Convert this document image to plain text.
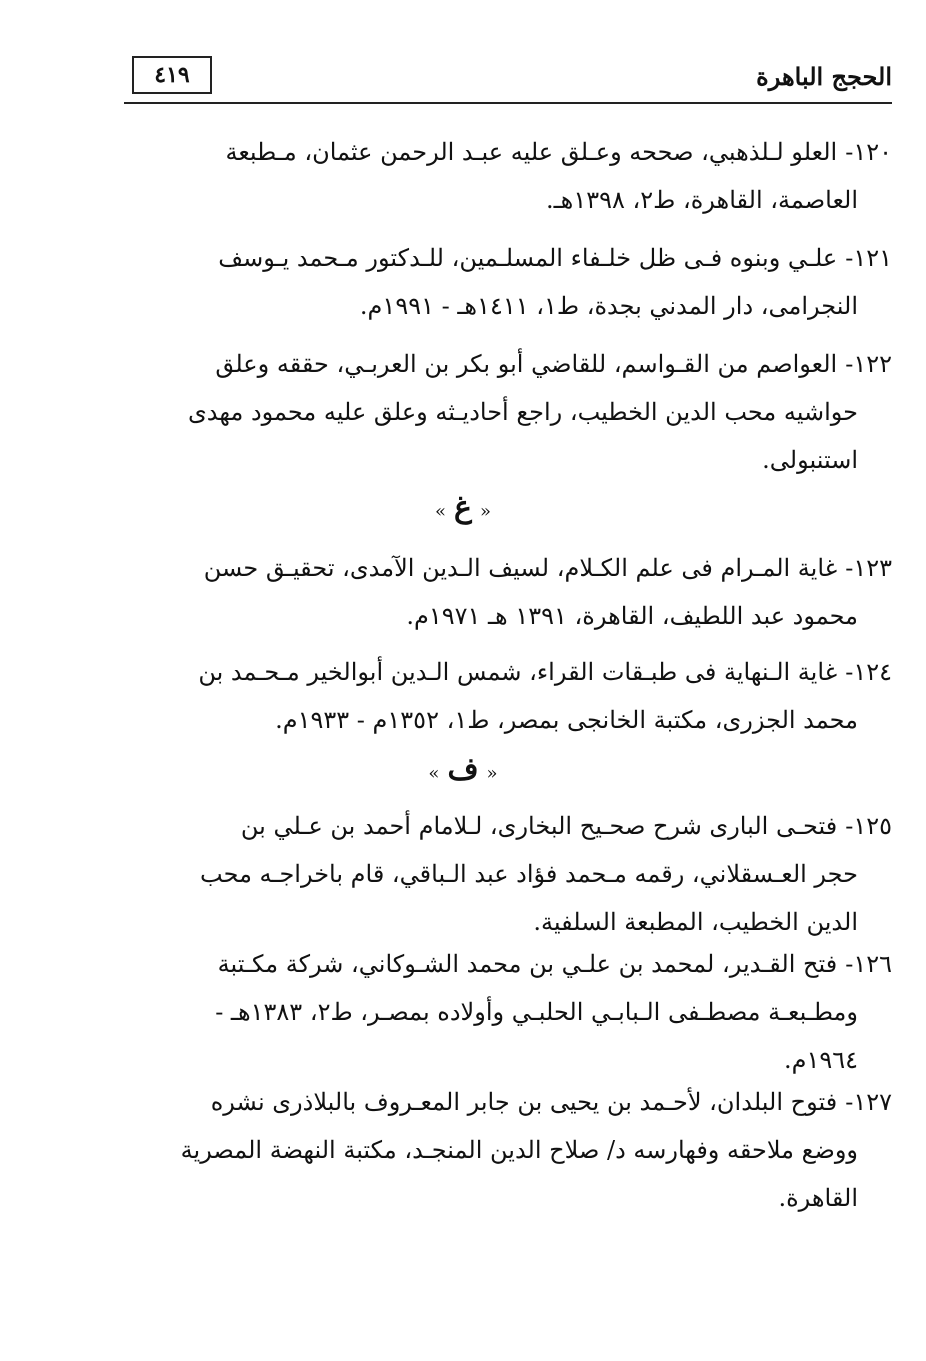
٤١٩	الحجج الباهرة
١٢٠-العلو لـلذهبي، صححه وعـلق عليه عبـد الرحمن عثمان، مـطبعة
العاصمة، القاهرة، ط٢، ١٣٩٨هـ.
١٢١-علـي وبنوه فـى ظل خلـفاء المسلـمين، للـدكتور مـحمد يـوسف
النجرامى، دار المدني بجدة، ط١، ١٤١١هـ - ١٩٩١م.
١٢٢-العواصم من القـواسم، للقاضي أبو بكر بن العربـي، حققه وعلق
حواشيه محب الدين الخطيب، راجع أحاديـثه وعلق عليه محمود مهدى
استنبولى.
«غ»
١٢٣-غاية المـرام فى علم الكـلام، لسيف الـدين الآمدى، تحقيـق حسن
محمود عبد اللطيف، القاهرة، ١٣٩١ هـ ١٩٧١م.
١٢٤-غاية الـنهاية فى طبـقات القراء، شمس الـدين أبوالخير مـحـمد بن
محمد الجزرى، مكتبة الخانجى بمصر، ط١، ١٣٥٢م - ١٩٣٣م.
«ف»
١٢٥-فتحـى البارى شرح صحـيح البخارى، لـلامام أحمد بن عـلي بن
حجر العـسقلاني، رقمه مـحمد فؤاد عبد الـباقي، قام باخراجـه محب
الدين الخطيب، المطبعة السلفية.
١٢٦-فتح القـدير، لمحمد بن علـي بن محمد الشـوكاني، شركة مكـتبة
ومطـبعـة مصطـفى الـبابـي الحلبـي وأولاده بمصـر، ط٢، ١٣٨٣هـ -
١٩٦٤م.
١٢٧-فتوح البلدان، لأحـمد بن يحيى بن جابر المعـروف بالبلاذرى نشره
ووضع ملاحقه وفهارسه د/ صلاح الدين المنجـد، مكتبة النهضة المصرية
القاهرة.
